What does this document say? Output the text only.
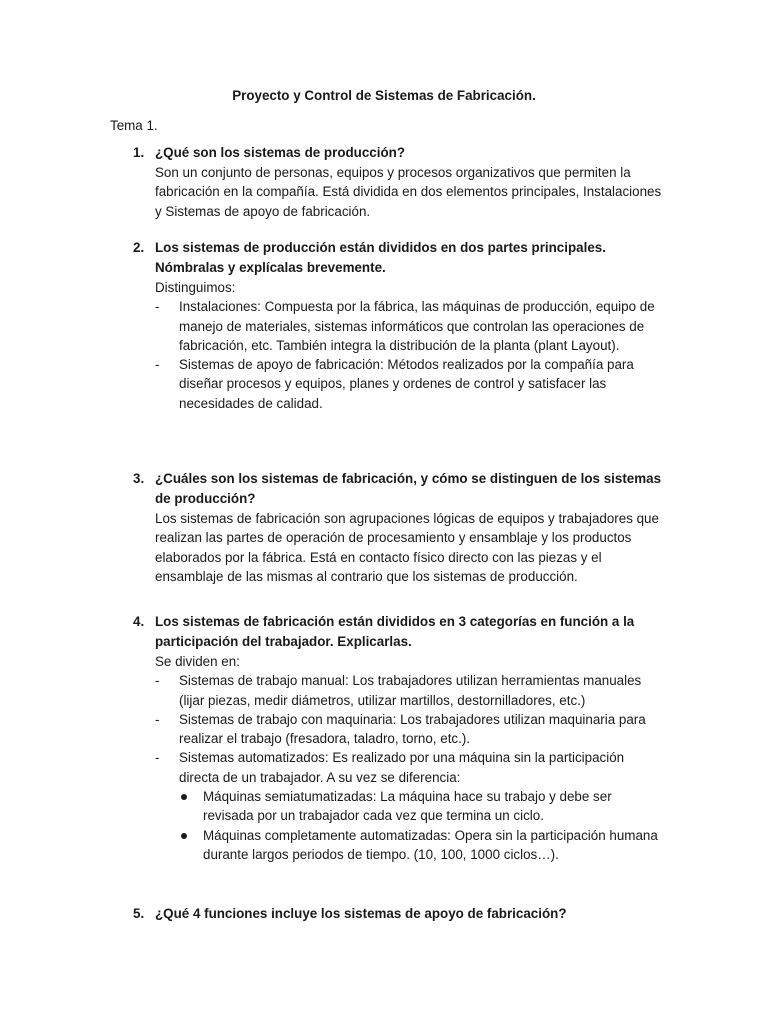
Proyecto y Control de Sistemas de Fabricación.
Tema 1.
1. ¿Qué son los sistemas de producción?
Son un conjunto de personas, equipos y procesos organizativos que permiten la fabricación en la compañía. Está dividida en dos elementos principales, Instalaciones y Sistemas de apoyo de fabricación.
2. Los sistemas de producción están divididos en dos partes principales. Nómbralas y explícalas brevemente.
Distinguimos:
- Instalaciones: Compuesta por la fábrica, las máquinas de producción, equipo de manejo de materiales, sistemas informáticos que controlan las operaciones de fabricación, etc. También integra la distribución de la planta (plant Layout).
- Sistemas de apoyo de fabricación: Métodos realizados por la compañía para diseñar procesos y equipos, planes y ordenes de control y satisfacer las necesidades de calidad.
3. ¿Cuáles son los sistemas de fabricación, y cómo se distinguen de los sistemas de producción?
Los sistemas de fabricación son agrupaciones lógicas de equipos y trabajadores que realizan las partes de operación de procesamiento y ensamblaje y los productos elaborados por la fábrica. Está en contacto físico directo con las piezas y el ensamblaje de las mismas al contrario que los sistemas de producción.
4. Los sistemas de fabricación están divididos en 3 categorías en función a la participación del trabajador. Explicarlas.
Se dividen en:
- Sistemas de trabajo manual: Los trabajadores utilizan herramientas manuales (lijar piezas, medir diámetros, utilizar martillos, destornilladores, etc.)
- Sistemas de trabajo con maquinaria: Los trabajadores utilizan maquinaria para realizar el trabajo (fresadora, taladro, torno, etc.).
- Sistemas automatizados: Es realizado por una máquina sin la participación directa de un trabajador. A su vez se diferencia:
Máquinas semiatumatizadas: La máquina hace su trabajo y debe ser revisada por un trabajador cada vez que termina un ciclo.
Máquinas completamente automatizadas: Opera sin la participación humana durante largos periodos de tiempo. (10, 100, 1000 ciclos…).
5. ¿Qué 4 funciones incluye los sistemas de apoyo de fabricación?
